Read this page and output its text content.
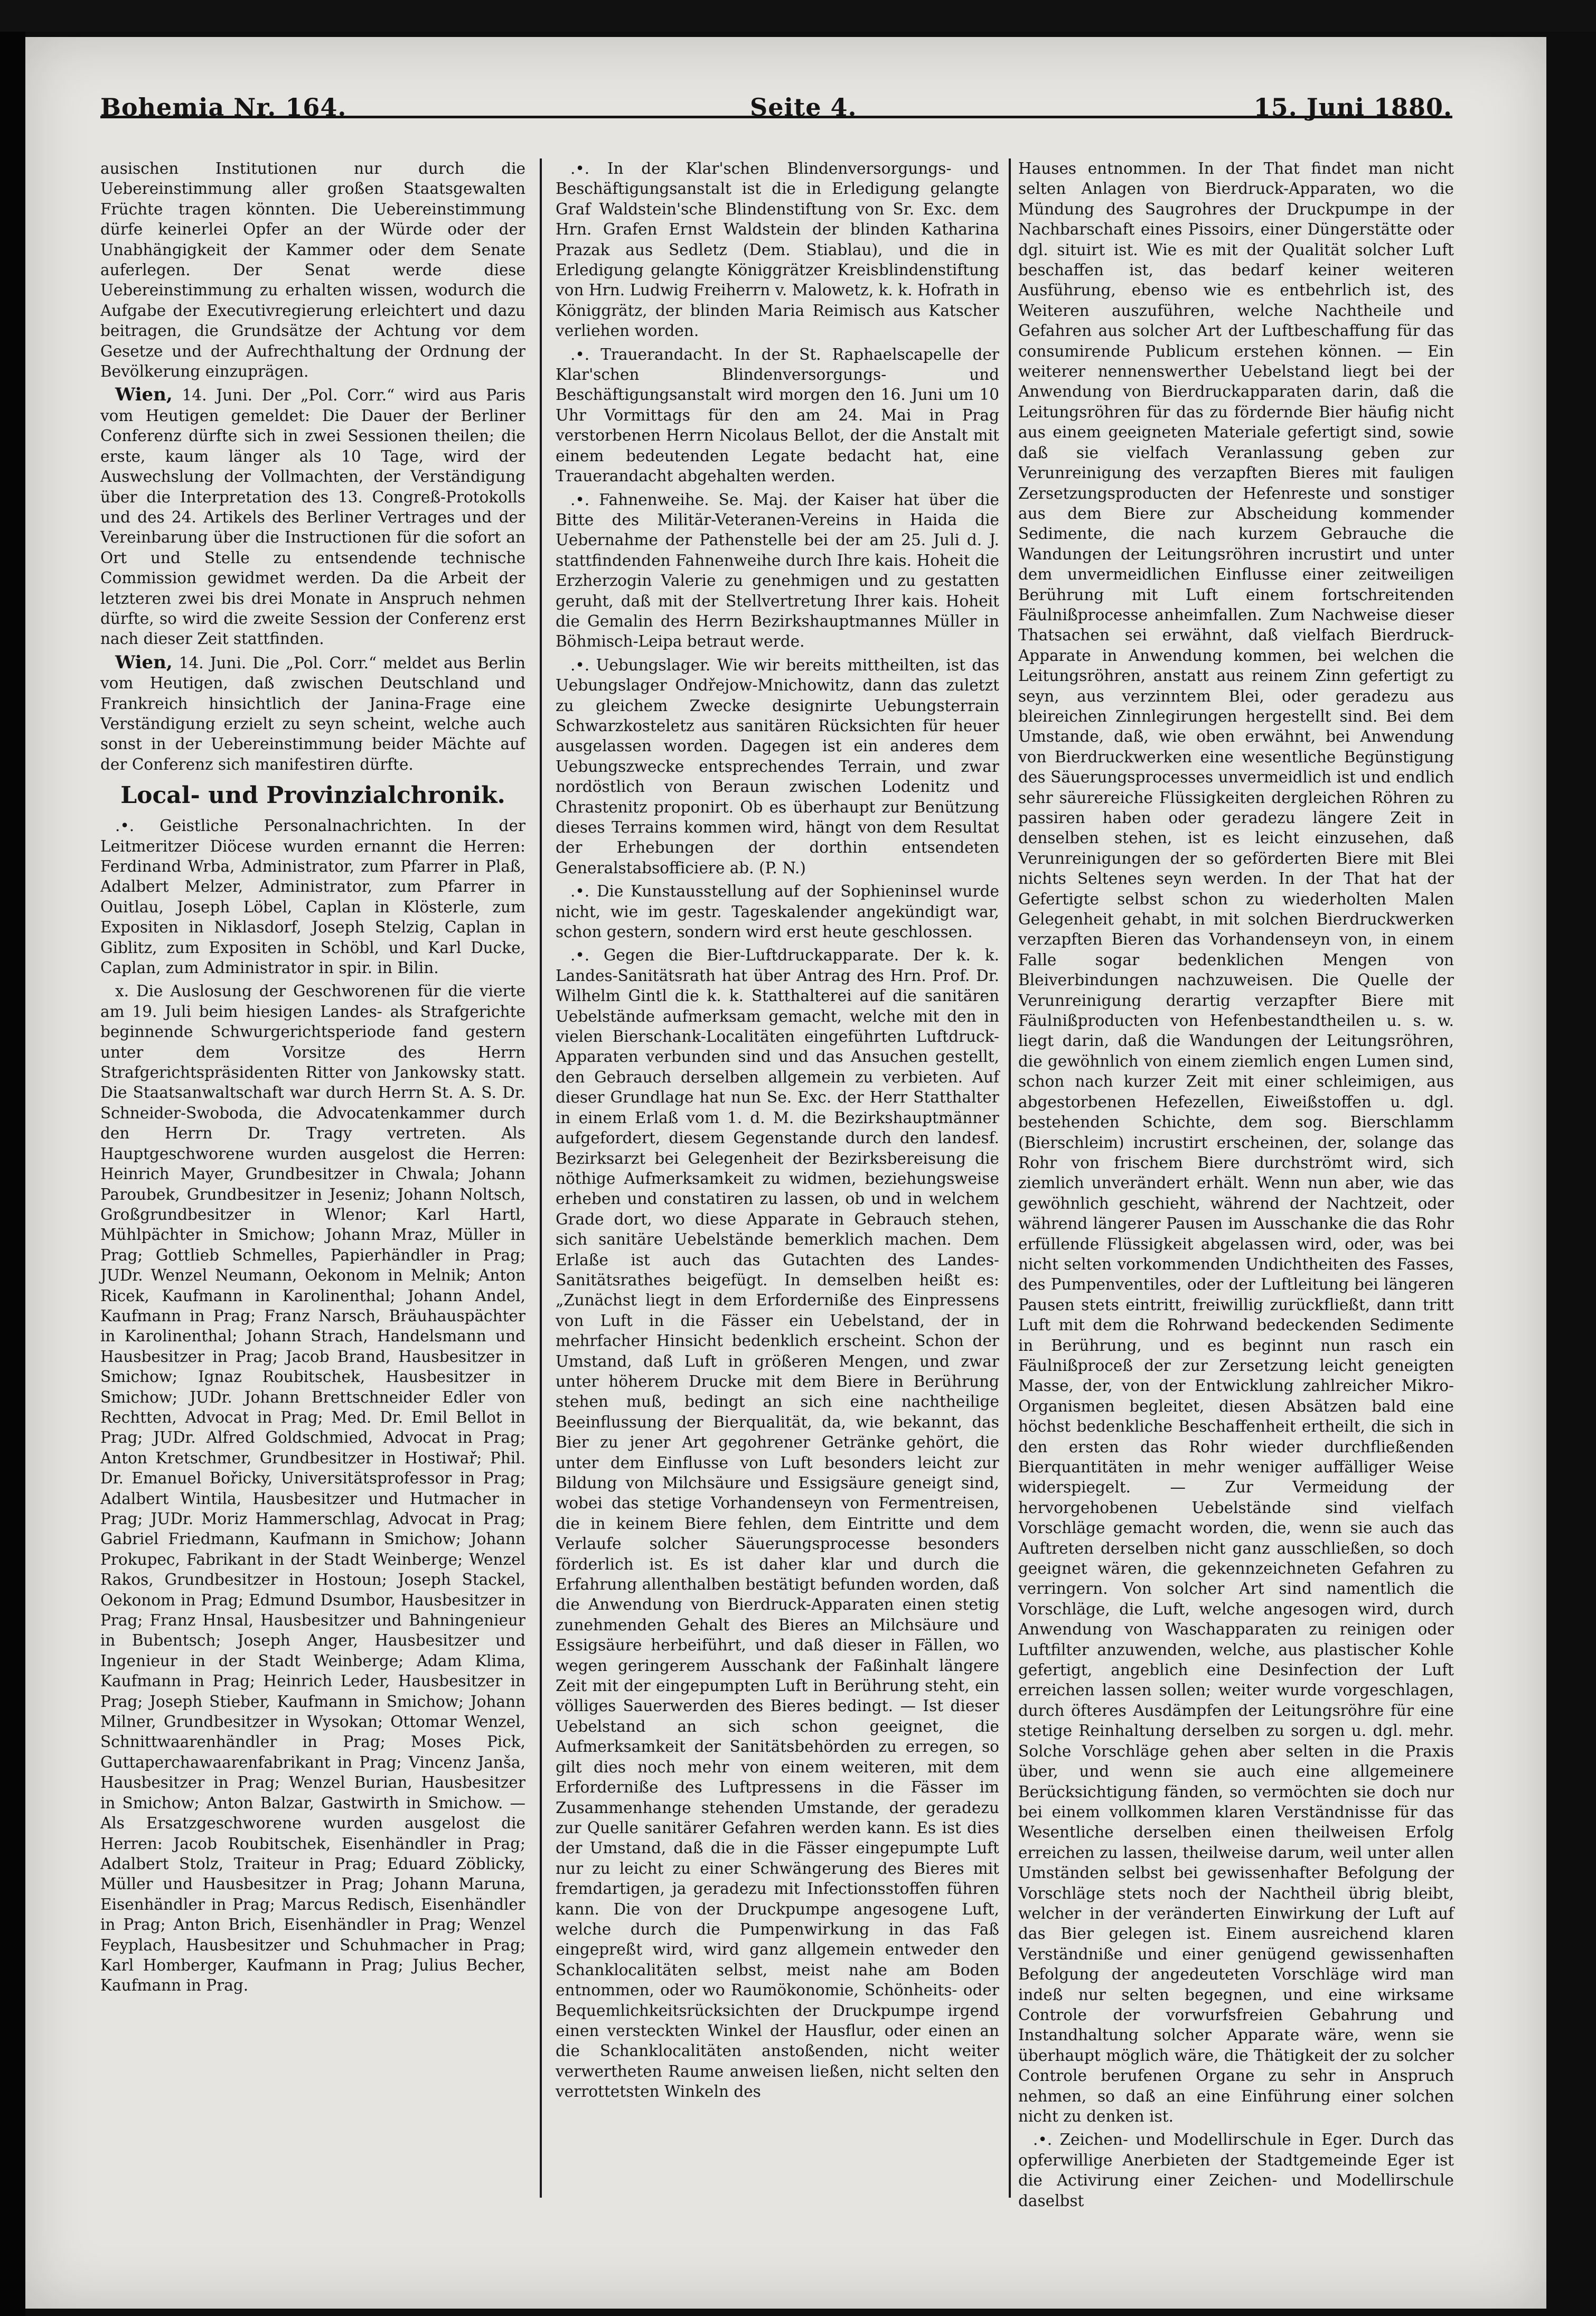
Bohemia Nr. 164.	Seite 4.	15. Juni 1880.

ausischen Institutionen nur durch die Uebereinstimmung aller großen Staatsgewalten Früchte tragen könnten. Die Uebereinstimmung dürfe keinerlei Opfer an der Würde oder der Unabhängigkeit der Kammer oder dem Senate auferlegen. Der Senat werde diese Uebereinstimmung zu erhalten wissen, wodurch die Aufgabe der Executivregierung erleichtert und dazu beitragen, die Grundsätze der Achtung vor dem Gesetze und der Aufrechthaltung der Ordnung der Bevölkerung einzuprägen.

Wien, 14. Juni. Der „Pol. Corr.“ wird aus Paris vom Heutigen gemeldet: Die Dauer der Berliner Conferenz dürfte sich in zwei Sessionen theilen; die erste, kaum länger als 10 Tage, wird der Auswechslung der Vollmachten, der Verständigung über die Interpretation des 13. Congreß-Protokolls und des 24. Artikels des Berliner Vertrages und der Vereinbarung über die Instructionen für die sofort an Ort und Stelle zu entsendende technische Commission gewidmet werden. Da die Arbeit der letzteren zwei bis drei Monate in Anspruch nehmen dürfte, so wird die zweite Session der Conferenz erst nach dieser Zeit stattfinden.

Wien, 14. Juni. Die „Pol. Corr.“ meldet aus Berlin vom Heutigen, daß zwischen Deutschland und Frankreich hinsichtlich der Janina-Frage eine Verständigung erzielt zu seyn scheint, welche auch sonst in der Uebereinstimmung beider Mächte auf der Conferenz sich manifestiren dürfte.

Local- und Provinzialchronik.

.•. Geistliche Personalnachrichten. In der Leitmeritzer Diöcese wurden ernannt die Herren: Ferdinand Wrba, Administrator, zum Pfarrer in Plaß, Adalbert Melzer, Administrator, zum Pfarrer in Ouitlau, Joseph Löbel, Caplan in Klösterle, zum Expositen in Niklasdorf, Joseph Stelzig, Caplan in Giblitz, zum Expositen in Schöbl, und Karl Ducke, Caplan, zum Administrator in spir. in Bilin.

x. Die Auslosung der Geschworenen für die vierte am 19. Juli beim hiesigen Landes- als Strafgerichte beginnende Schwurgerichtsperiode fand gestern unter dem Vorsitze des Herrn Strafgerichtspräsidenten Ritter von Jankowsky statt. Die Staatsanwaltschaft war durch Herrn St. A. S. Dr. Schneider-Swoboda, die Advocatenkammer durch den Herrn Dr. Tragy vertreten. Als Hauptgeschworene wurden ausgelost die Herren: Heinrich Mayer, Grundbesitzer in Chwala; Johann Paroubek, Grundbesitzer in Jeseniz; Johann Noltsch, Großgrundbesitzer in Wlenor; Karl Hartl, Mühlpächter in Smichow; Johann Mraz, Müller in Prag; Gottlieb Schmelles, Papierhändler in Prag; JUDr. Wenzel Neumann, Oekonom in Melnik; Anton Ricek, Kaufmann in Karolinenthal; Johann Andel, Kaufmann in Prag; Franz Narsch, Bräuhauspächter in Karolinenthal; Johann Strach, Handelsmann und Hausbesitzer in Prag; Jacob Brand, Hausbesitzer in Smichow; Ignaz Roubitschek, Hausbesitzer in Smichow; JUDr. Johann Brettschneider Edler von Rechtten, Advocat in Prag; Med. Dr. Emil Bellot in Prag; JUDr. Alfred Goldschmied, Advocat in Prag; Anton Kretschmer, Grundbesitzer in Hostiwař; Phil. Dr. Emanuel Bořicky, Universitätsprofessor in Prag; Adalbert Wintila, Hausbesitzer und Hutmacher in Prag; JUDr. Moriz Hammerschlag, Advocat in Prag; Gabriel Friedmann, Kaufmann in Smichow; Johann Prokupec, Fabrikant in der Stadt Weinberge; Wenzel Rakos, Grundbesitzer in Hostoun; Joseph Stackel, Oekonom in Prag; Edmund Dsumbor, Hausbesitzer in Prag; Franz Hnsal, Hausbesitzer und Bahningenieur in Bubentsch; Joseph Anger, Hausbesitzer und Ingenieur in der Stadt Weinberge; Adam Klima, Kaufmann in Prag; Heinrich Leder, Hausbesitzer in Prag; Joseph Stieber, Kaufmann in Smichow; Johann Milner, Grundbesitzer in Wysokan; Ottomar Wenzel, Schnittwaarenhändler in Prag; Moses Pick, Guttaperchawaarenfabrikant in Prag; Vincenz Janša, Hausbesitzer in Prag; Wenzel Burian, Hausbesitzer in Smichow; Anton Balzar, Gastwirth in Smichow. — Als Ersatzgeschworene wurden ausgelost die Herren: Jacob Roubitschek, Eisenhändler in Prag; Adalbert Stolz, Traiteur in Prag; Eduard Zöblicky, Müller und Hausbesitzer in Prag; Johann Maruna, Eisenhändler in Prag; Marcus Redisch, Eisenhändler in Prag; Anton Brich, Eisenhändler in Prag; Wenzel Feyplach, Hausbesitzer und Schuhmacher in Prag; Karl Homberger, Kaufmann in Prag; Julius Becher, Kaufmann in Prag.

.•. In der Klar'schen Blindenversorgungs- und Beschäftigungsanstalt ist die in Erledigung gelangte Graf Waldstein'sche Blindenstiftung von Sr. Exc. dem Hrn. Grafen Ernst Waldstein der blinden Katharina Prazak aus Sedletz (Dem. Stiablau), und die in Erledigung gelangte Königgrätzer Kreisblindenstiftung von Hrn. Ludwig Freiherrn v. Malowetz, k. k. Hofrath in Königgrätz, der blinden Maria Reimisch aus Katscher verliehen worden.

.•. Trauerandacht. In der St. Raphaelscapelle der Klar'schen Blindenversorgungs- und Beschäftigungsanstalt wird morgen den 16. Juni um 10 Uhr Vormittags für den am 24. Mai in Prag verstorbenen Herrn Nicolaus Bellot, der die Anstalt mit einem bedeutenden Legate bedacht hat, eine Trauerandacht abgehalten werden.

.•. Fahnenweihe. Se. Maj. der Kaiser hat über die Bitte des Militär-Veteranen-Vereins in Haida die Uebernahme der Pathenstelle bei der am 25. Juli d. J. stattfindenden Fahnenweihe durch Ihre kais. Hoheit die Erzherzogin Valerie zu genehmigen und zu gestatten geruht, daß mit der Stellvertretung Ihrer kais. Hoheit die Gemalin des Herrn Bezirkshauptmannes Müller in Böhmisch-Leipa betraut werde.

.•. Uebungslager. Wie wir bereits mittheilten, ist das Uebungslager Ondřejow-Mnichowitz, dann das zuletzt zu gleichem Zwecke designirte Uebungsterrain Schwarzkosteletz aus sanitären Rücksichten für heuer ausgelassen worden. Dagegen ist ein anderes dem Uebungszwecke entsprechendes Terrain, und zwar nordöstlich von Beraun zwischen Lodenitz und Chrastenitz proponirt. Ob es überhaupt zur Benützung dieses Terrains kommen wird, hängt von dem Resultat der Erhebungen der dorthin entsendeten Generalstabsofficiere ab. (P. N.)

.•. Die Kunstausstellung auf der Sophieninsel wurde nicht, wie im gestr. Tageskalender angekündigt war, schon gestern, sondern wird erst heute geschlossen.

.•. Gegen die Bier-Luftdruckapparate. Der k. k. Landes-Sanitätsrath hat über Antrag des Hrn. Prof. Dr. Wilhelm Gintl die k. k. Statthalterei auf die sanitären Uebelstände aufmerksam gemacht, welche mit den in vielen Bierschank-Localitäten eingeführten Luftdruck-Apparaten verbunden sind und das Ansuchen gestellt, den Gebrauch derselben allgemein zu verbieten. Auf dieser Grundlage hat nun Se. Exc. der Herr Statthalter in einem Erlaß vom 1. d. M. die Bezirkshauptmänner aufgefordert, diesem Gegenstande durch den landesf. Bezirksarzt bei Gelegenheit der Bezirksbereisung die nöthige Aufmerksamkeit zu widmen, beziehungsweise erheben und constatiren zu lassen, ob und in welchem Grade dort, wo diese Apparate in Gebrauch stehen, sich sanitäre Uebelstände bemerklich machen. Dem Erlaße ist auch das Gutachten des Landes-Sanitätsrathes beigefügt. In demselben heißt es: „Zunächst liegt in dem Erforderniße des Einpressens von Luft in die Fässer ein Uebelstand, der in mehrfacher Hinsicht bedenklich erscheint. Schon der Umstand, daß Luft in größeren Mengen, und zwar unter höherem Drucke mit dem Biere in Berührung stehen muß, bedingt an sich eine nachtheilige Beeinflussung der Bierqualität, da, wie bekannt, das Bier zu jener Art gegohrener Getränke gehört, die unter dem Einflusse von Luft besonders leicht zur Bildung von Milchsäure und Essigsäure geneigt sind, wobei das stetige Vorhandenseyn von Fermentreisen, die in keinem Biere fehlen, dem Eintritte und dem Verlaufe solcher Säuerungsprocesse besonders förderlich ist. Es ist daher klar und durch die Erfahrung allenthalben bestätigt befunden worden, daß die Anwendung von Bierdruck-Apparaten einen stetig zunehmenden Gehalt des Bieres an Milchsäure und Essigsäure herbeiführt, und daß dieser in Fällen, wo wegen geringerem Ausschank der Faßinhalt längere Zeit mit der eingepumpten Luft in Berührung steht, ein völliges Sauerwerden des Bieres bedingt. — Ist dieser Uebelstand an sich schon geeignet, die Aufmerksamkeit der Sanitätsbehörden zu erregen, so gilt dies noch mehr von einem weiteren, mit dem Erforderniße des Luftpressens in die Fässer im Zusammenhange stehenden Umstande, der geradezu zur Quelle sanitärer Gefahren werden kann. Es ist dies der Umstand, daß die in die Fässer eingepumpte Luft nur zu leicht zu einer Schwängerung des Bieres mit fremdartigen, ja geradezu mit Infectionsstoffen führen kann. Die von der Druckpumpe angesogene Luft, welche durch die Pumpenwirkung in das Faß eingepreßt wird, wird ganz allgemein entweder den Schanklocalitäten selbst, meist nahe am Boden entnommen, oder wo Raumökonomie, Schönheits- oder Bequemlichkeitsrücksichten der Druckpumpe irgend einen versteckten Winkel der Hausflur, oder einen an die Schanklocalitäten anstoßenden, nicht weiter verwertheten Raume anweisen ließen, nicht selten den verrottetsten Winkeln des

Hauses entnommen. In der That findet man nicht selten Anlagen von Bierdruck-Apparaten, wo die Mündung des Saugrohres der Druckpumpe in der Nachbarschaft eines Pissoirs, einer Düngerstätte oder dgl. situirt ist. Wie es mit der Qualität solcher Luft beschaffen ist, das bedarf keiner weiteren Ausführung, ebenso wie es entbehrlich ist, des Weiteren auszuführen, welche Nachtheile und Gefahren aus solcher Art der Luftbeschaffung für das consumirende Publicum erstehen können. — Ein weiterer nennenswerther Uebelstand liegt bei der Anwendung von Bierdruckapparaten darin, daß die Leitungsröhren für das zu fördernde Bier häufig nicht aus einem geeigneten Materiale gefertigt sind, sowie daß sie vielfach Veranlassung geben zur Verunreinigung des verzapften Bieres mit fauligen Zersetzungsproducten der Hefenreste und sonstiger aus dem Biere zur Abscheidung kommender Sedimente, die nach kurzem Gebrauche die Wandungen der Leitungsröhren incrustirt und unter dem unvermeidlichen Einflusse einer zeitweiligen Berührung mit Luft einem fortschreitenden Fäulnißprocesse anheimfallen. Zum Nachweise dieser Thatsachen sei erwähnt, daß vielfach Bierdruck-Apparate in Anwendung kommen, bei welchen die Leitungsröhren, anstatt aus reinem Zinn gefertigt zu seyn, aus verzinntem Blei, oder geradezu aus bleireichen Zinnlegirungen hergestellt sind. Bei dem Umstande, daß, wie oben erwähnt, bei Anwendung von Bierdruckwerken eine wesentliche Begünstigung des Säuerungsprocesses unvermeidlich ist und endlich sehr säurereiche Flüssigkeiten dergleichen Röhren zu passiren haben oder geradezu längere Zeit in denselben stehen, ist es leicht einzusehen, daß Verunreinigungen der so geförderten Biere mit Blei nichts Seltenes seyn werden. In der That hat der Gefertigte selbst schon zu wiederholten Malen Gelegenheit gehabt, in mit solchen Bierdruckwerken verzapften Bieren das Vorhandenseyn von, in einem Falle sogar bedenklichen Mengen von Bleiverbindungen nachzuweisen. Die Quelle der Verunreinigung derartig verzapfter Biere mit Fäulnißproducten von Hefenbestandtheilen u. s. w. liegt darin, daß die Wandungen der Leitungsröhren, die gewöhnlich von einem ziemlich engen Lumen sind, schon nach kurzer Zeit mit einer schleimigen, aus abgestorbenen Hefezellen, Eiweißstoffen u. dgl. bestehenden Schichte, dem sog. Bierschlamm (Bierschleim) incrustirt erscheinen, der, solange das Rohr von frischem Biere durchströmt wird, sich ziemlich unverändert erhält. Wenn nun aber, wie das gewöhnlich geschieht, während der Nachtzeit, oder während längerer Pausen im Ausschanke die das Rohr erfüllende Flüssigkeit abgelassen wird, oder, was bei nicht selten vorkommenden Undichtheiten des Fasses, des Pumpenventiles, oder der Luftleitung bei längeren Pausen stets eintritt, freiwillig zurückfließt, dann tritt Luft mit dem die Rohrwand bedeckenden Sedimente in Berührung, und es beginnt nun rasch ein Fäulnißproceß der zur Zersetzung leicht geneigten Masse, der, von der Entwicklung zahlreicher Mikro-Organismen begleitet, diesen Absätzen bald eine höchst bedenkliche Beschaffenheit ertheilt, die sich in den ersten das Rohr wieder durchfließenden Bierquantitäten in mehr weniger auffälliger Weise widerspiegelt. — Zur Vermeidung der hervorgehobenen Uebelstände sind vielfach Vorschläge gemacht worden, die, wenn sie auch das Auftreten derselben nicht ganz ausschließen, so doch geeignet wären, die gekennzeichneten Gefahren zu verringern. Von solcher Art sind namentlich die Vorschläge, die Luft, welche angesogen wird, durch Anwendung von Waschapparaten zu reinigen oder Luftfilter anzuwenden, welche, aus plastischer Kohle gefertigt, angeblich eine Desinfection der Luft erreichen lassen sollen; weiter wurde vorgeschlagen, durch öfteres Ausdämpfen der Leitungsröhre für eine stetige Reinhaltung derselben zu sorgen u. dgl. mehr. Solche Vorschläge gehen aber selten in die Praxis über, und wenn sie auch eine allgemeinere Berücksichtigung fänden, so vermöchten sie doch nur bei einem vollkommen klaren Verständnisse für das Wesentliche derselben einen theilweisen Erfolg erreichen zu lassen, theilweise darum, weil unter allen Umständen selbst bei gewissenhafter Befolgung der Vorschläge stets noch der Nachtheil übrig bleibt, welcher in der veränderten Einwirkung der Luft auf das Bier gelegen ist. Einem ausreichend klaren Verständniße und einer genügend gewissenhaften Befolgung der angedeuteten Vorschläge wird man indeß nur selten begegnen, und eine wirksame Controle der vorwurfsfreien Gebahrung und Instandhaltung solcher Apparate wäre, wenn sie überhaupt möglich wäre, die Thätigkeit der zu solcher Controle berufenen Organe zu sehr in Anspruch nehmen, so daß an eine Einführung einer solchen nicht zu denken ist.

.•. Zeichen- und Modellirschule in Eger. Durch das opferwillige Anerbieten der Stadtgemeinde Eger ist die Activirung einer Zeichen- und Modellirschule daselbst
